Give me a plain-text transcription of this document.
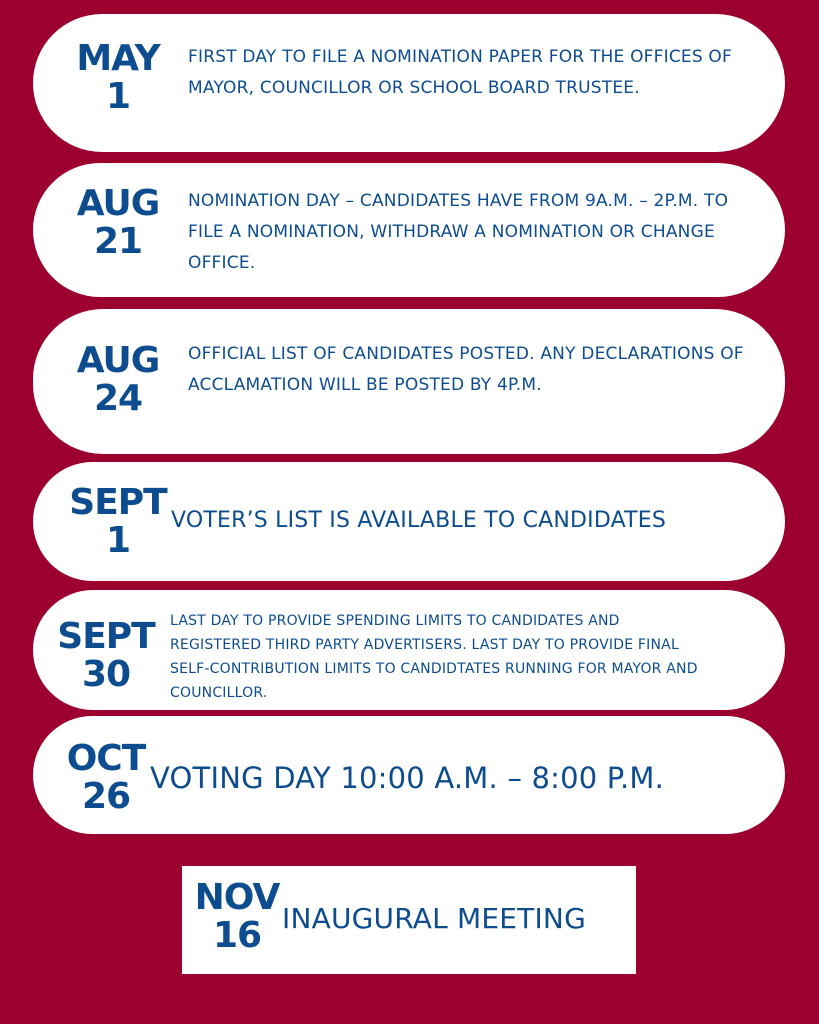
MAY
1
FIRST DAY TO FILE A NOMINATION PAPER FOR THE OFFICES OF MAYOR, COUNCILLOR OR SCHOOL BOARD TRUSTEE.
AUG
21
NOMINATION DAY – CANDIDATES HAVE FROM 9A.M. – 2P.M. TO FILE A NOMINATION, WITHDRAW A NOMINATION OR CHANGE OFFICE.
AUG
24
OFFICIAL LIST OF CANDIDATES POSTED. ANY DECLARATIONS OF ACCLAMATION WILL BE POSTED BY 4P.M.
SEPT
1	VOTER’S LIST IS AVAILABLE TO CANDIDATES
SEPT
30
LAST DAY TO PROVIDE SPENDING LIMITS TO CANDIDATES AND REGISTERED THIRD PARTY ADVERTISERS. LAST DAY TO PROVIDE FINAL SELF-CONTRIBUTION LIMITS TO CANDIDTATES RUNNING FOR MAYOR AND COUNCILLOR.
OCT
26 VOTING DAY 10:00 A.M. – 8:00 P.M.
NOV
16 INAUGURAL MEETING
